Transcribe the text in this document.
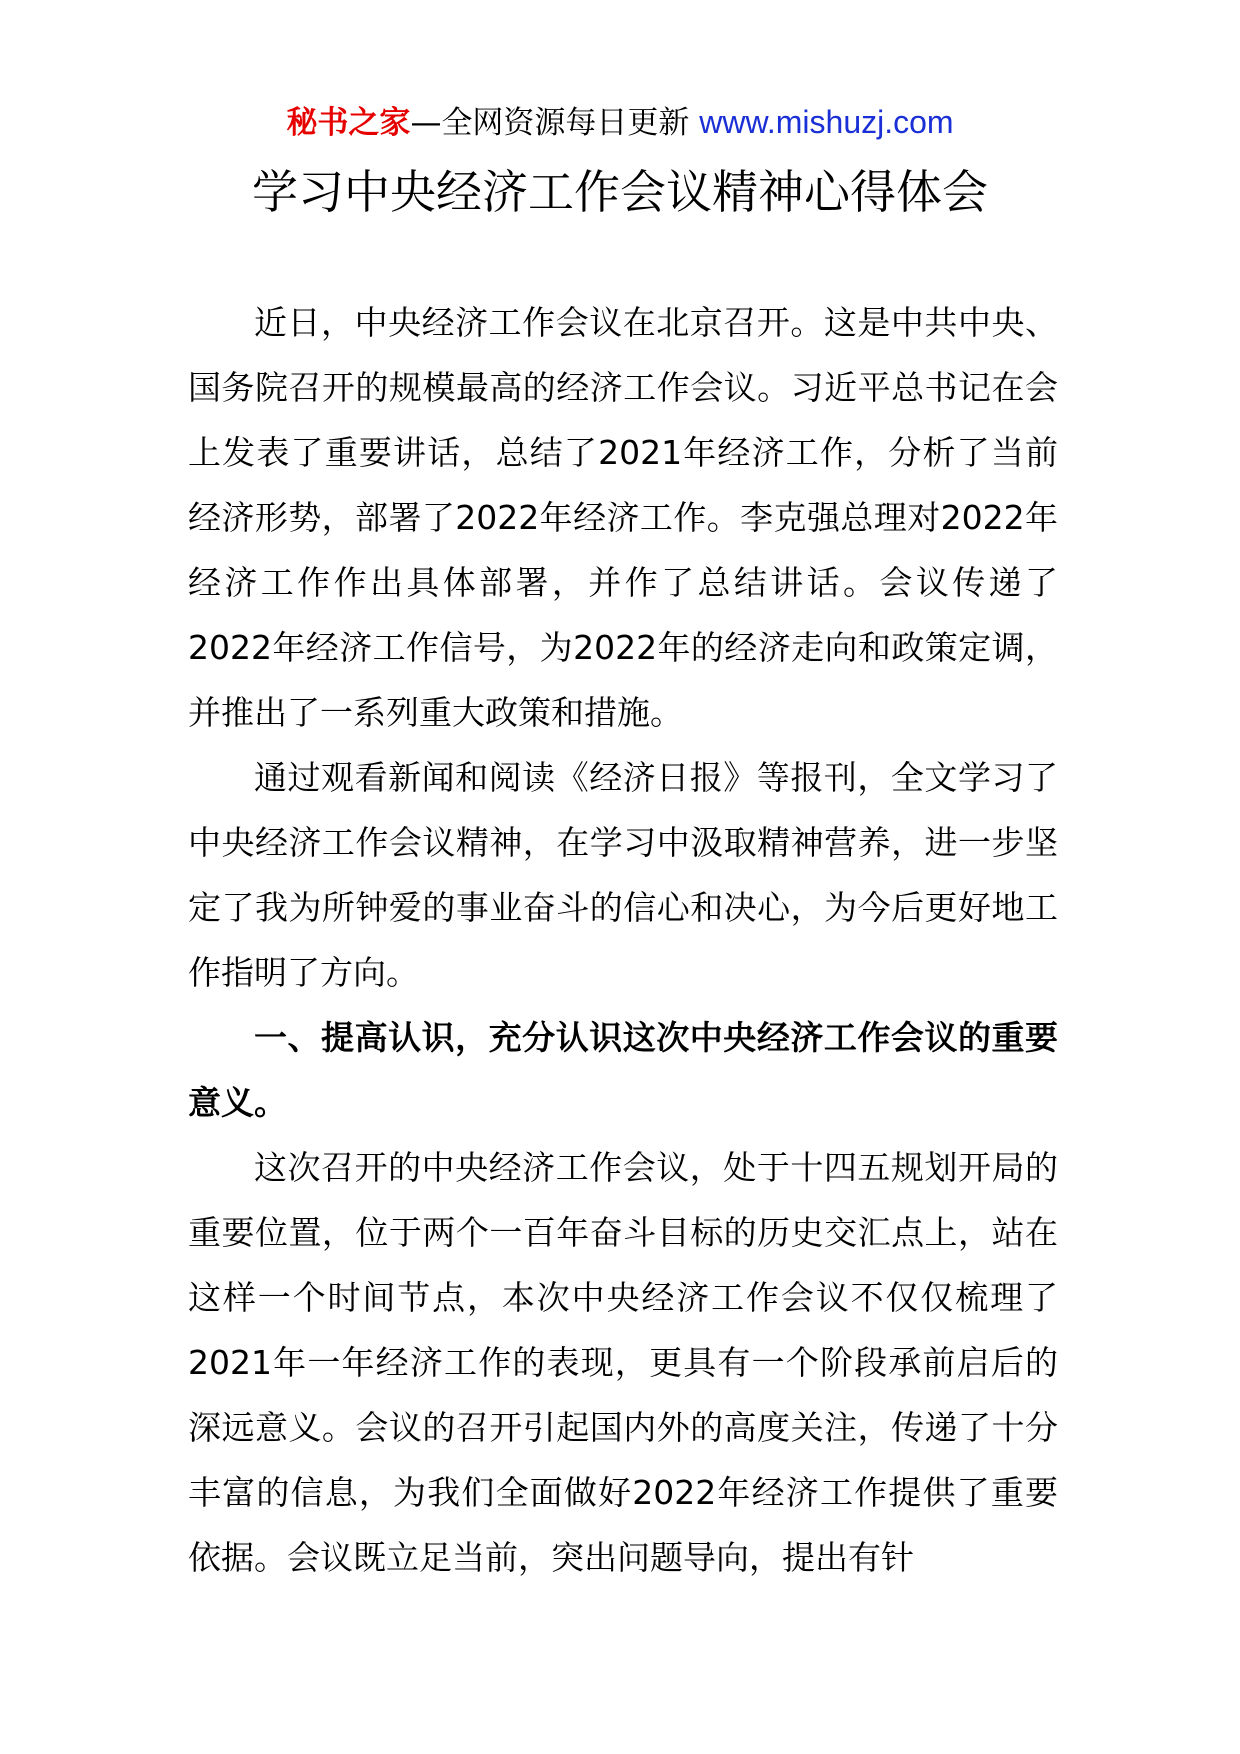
秘书之家—全网资源每日更新 www.mishuzj.com
学习中央经济工作会议精神心得体会

近日，中央经济工作会议在北京召开。这是中共中央、国务院召开的规模最高的经济工作会议。习近平总书记在会上发表了重要讲话，总结了2021年经济工作，分析了当前经济形势，部署了2022年经济工作。李克强总理对2022年经济工作作出具体部署，并作了总结讲话。会议传递了2022年经济工作信号，为2022年的经济走向和政策定调，并推出了一系列重大政策和措施。

通过观看新闻和阅读《经济日报》等报刊，全文学习了中央经济工作会议精神，在学习中汲取精神营养，进一步坚定了我为所钟爱的事业奋斗的信心和决心，为今后更好地工作指明了方向。

一、提高认识，充分认识这次中央经济工作会议的重要意义。

这次召开的中央经济工作会议，处于十四五规划开局的重要位置，位于两个一百年奋斗目标的历史交汇点上，站在这样一个时间节点，本次中央经济工作会议不仅仅梳理了2021年一年经济工作的表现，更具有一个阶段承前启后的深远意义。会议的召开引起国内外的高度关注，传递了十分丰富的信息，为我们全面做好2022年经济工作提供了重要依据。会议既立足当前，突出问题导向，提出有针
